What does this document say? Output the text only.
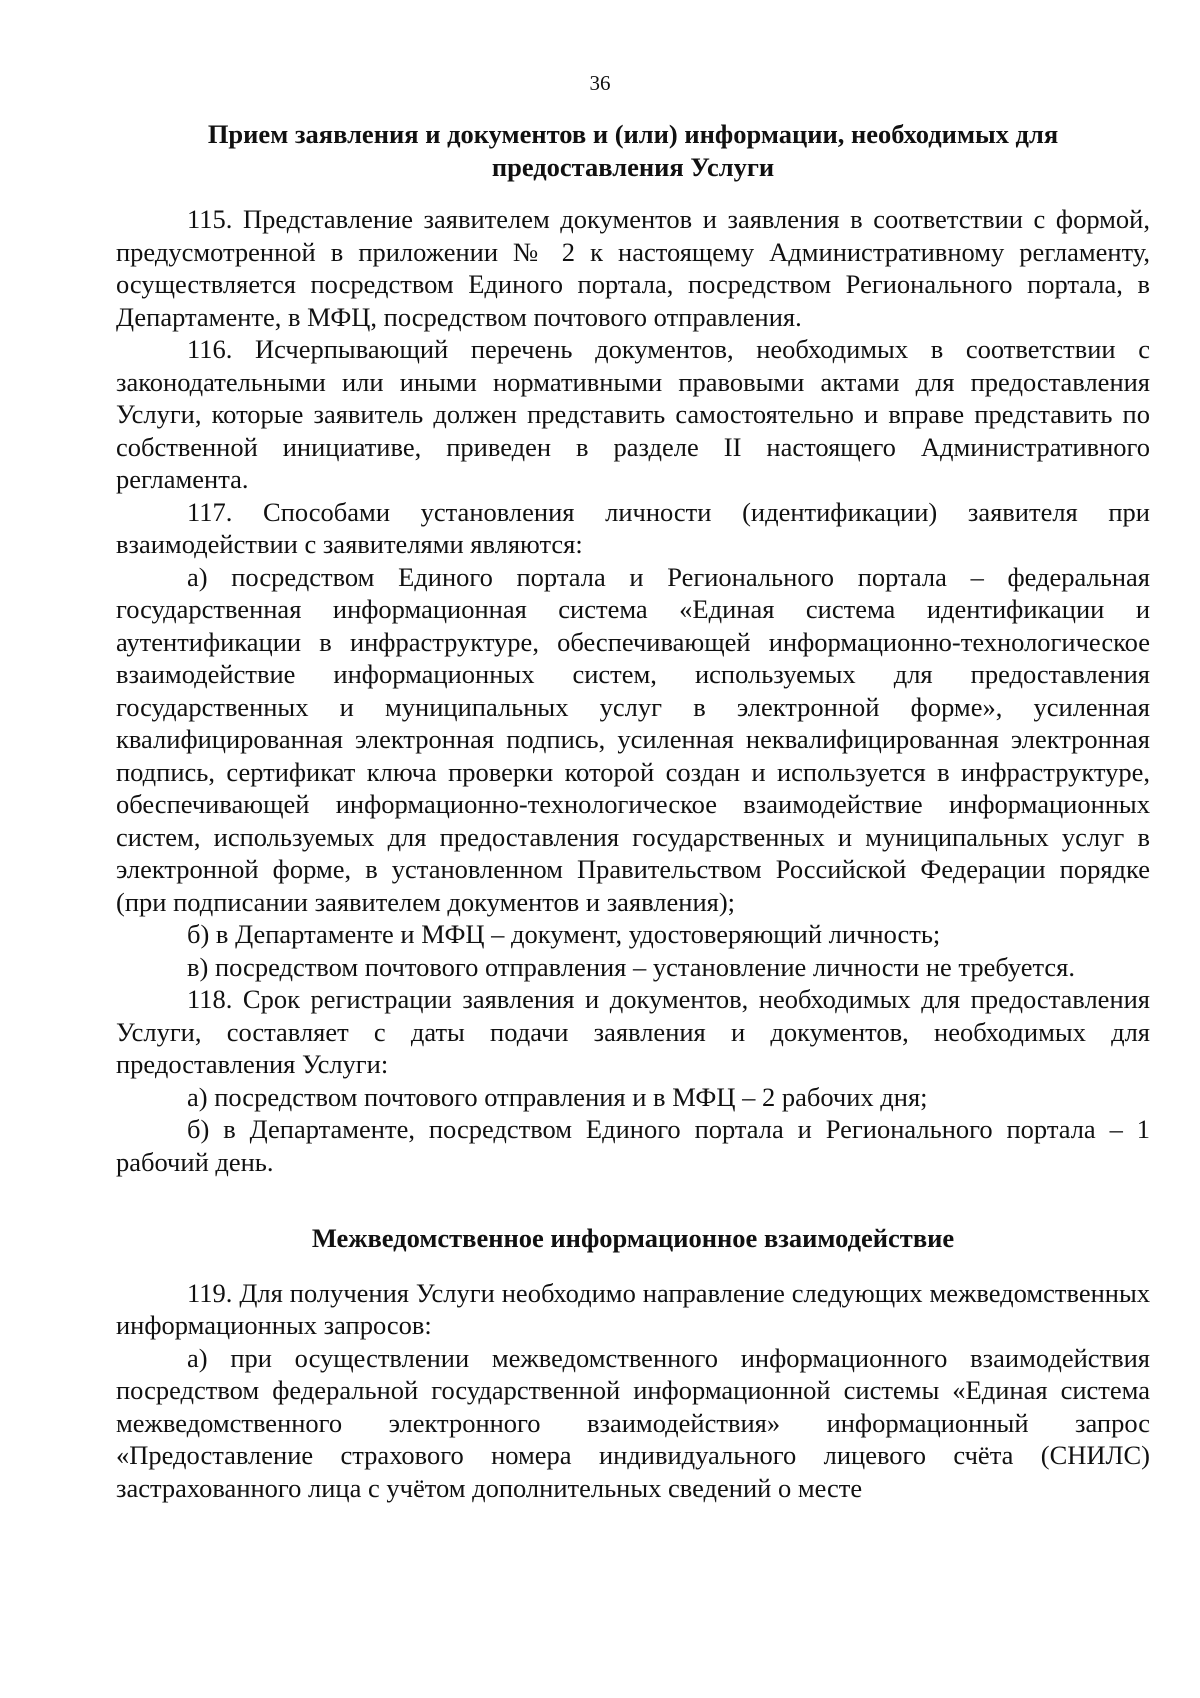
36
Прием заявления и документов и (или) информации, необходимых для предоставления Услуги

115. Представление заявителем документов и заявления в соответствии с формой, предусмотренной в приложении № 2 к настоящему Административному регламенту, осуществляется посредством Единого портала, посредством Регионального портала, в Департаменте, в МФЦ, посредством почтового отправления.

116. Исчерпывающий перечень документов, необходимых в соответствии с законодательными или иными нормативными правовыми актами для предоставления Услуги, которые заявитель должен представить самостоятельно и вправе представить по собственной инициативе, приведен в разделе II настоящего Административного регламента.

117. Способами установления личности (идентификации) заявителя при взаимодействии с заявителями являются:

а) посредством Единого портала и Регионального портала – федеральная государственная информационная система «Единая система идентификации и аутентификации в инфраструктуре, обеспечивающей информационно-технологическое взаимодействие информационных систем, используемых для предоставления государственных и муниципальных услуг в электронной форме», усиленная квалифицированная электронная подпись, усиленная неквалифицированная электронная подпись, сертификат ключа проверки которой создан и используется в инфраструктуре, обеспечивающей информационно-технологическое взаимодействие информационных систем, используемых для предоставления государственных и муниципальных услуг в электронной форме, в установленном Правительством Российской Федерации порядке (при подписании заявителем документов и заявления);

б) в Департаменте и МФЦ – документ, удостоверяющий личность;

в) посредством почтового отправления – установление личности не требуется.

118. Срок регистрации заявления и документов, необходимых для предоставления Услуги, составляет с даты подачи заявления и документов, необходимых для предоставления Услуги:

а) посредством почтового отправления и в МФЦ – 2 рабочих дня;

б) в Департаменте, посредством Единого портала и Регионального портала – 1 рабочий день.

Межведомственное информационное взаимодействие

119. Для получения Услуги необходимо направление следующих межведомственных информационных запросов:

а) при осуществлении межведомственного информационного взаимодействия посредством федеральной государственной информационной системы «Единая система межведомственного электронного взаимодействия» информационный запрос «Предоставление страхового номера индивидуального лицевого счёта (СНИЛС) застрахованного лица с учётом дополнительных сведений о месте
